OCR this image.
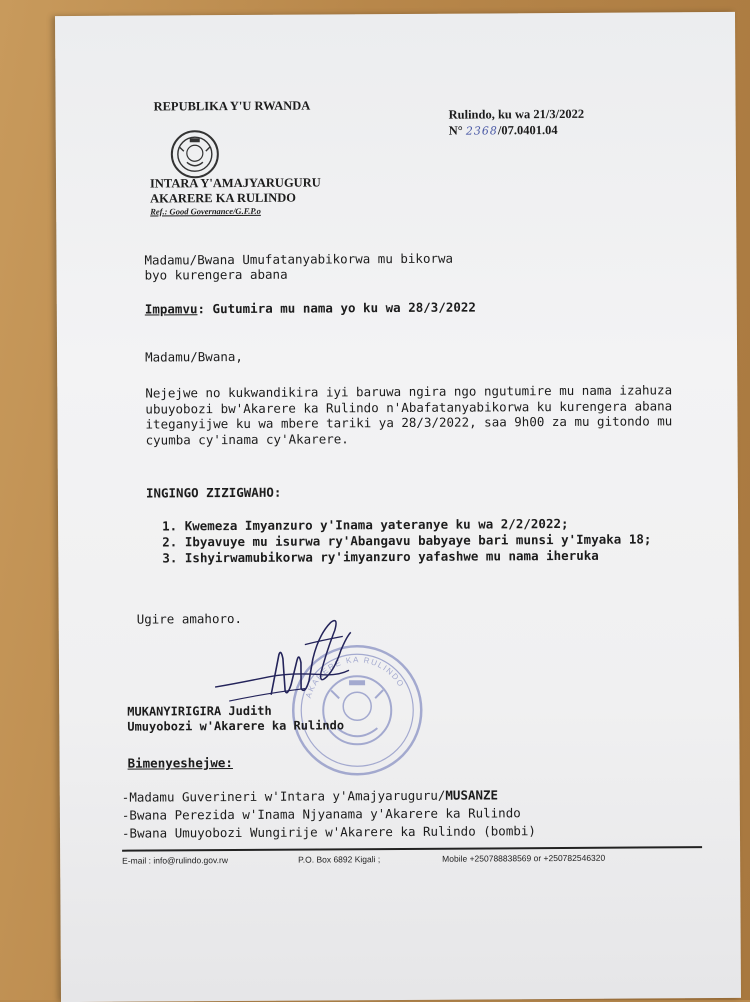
REPUBLIKA Y'U RWANDA
Rulindo, ku wa 21/3/2022
N° 2368/07.0401.04
INTARA Y'AMAJYARUGURU
AKARERE KA RULINDO
Ref.: Good Governance/G.F.P.o
Madamu/Bwana Umufatanyabikorwa mu bikorwa
byo kurengera abana
Impamvu: Gutumira mu nama yo ku wa 28/3/2022
Madamu/Bwana,
Nejejwe no kukwandikira iyi baruwa ngira ngo ngutumire mu nama izahuza
ubuyobozi bw'Akarere ka Rulindo n'Abafatanyabikorwa ku kurengera abana
iteganyijwe ku wa mbere tariki ya 28/3/2022, saa 9h00 za mu gitondo mu
cyumba cy'inama cy'Akarere.
INGINGO ZIZIGWAHO:
1. Kwemeza Imyanzuro y'Inama yateranye ku wa 2/2/2022;
2. Ibyavuye mu isurwa ry'Abangavu babyaye bari munsi y'Imyaka 18;
3. Ishyirwamubikorwa ry'imyanzuro yafashwe mu nama iheruka
Ugire amahoro.
AKARERE KA RULINDO
MUKANYIRIGIRA Judith
Umuyobozi w'Akarere ka Rulindo
Bimenyeshejwe:
-Madamu Guverineri w'Intara y'Amajyaruguru/MUSANZE
-Bwana Perezida w'Inama Njyanama y'Akarere ka Rulindo
-Bwana Umuyobozi Wungirije w'Akarere ka Rulindo (bombi)
E-mail : info@rulindo.gov.rw	P.O. Box 6892 Kigali ;	Mobile +250788838569 or +250782546320
